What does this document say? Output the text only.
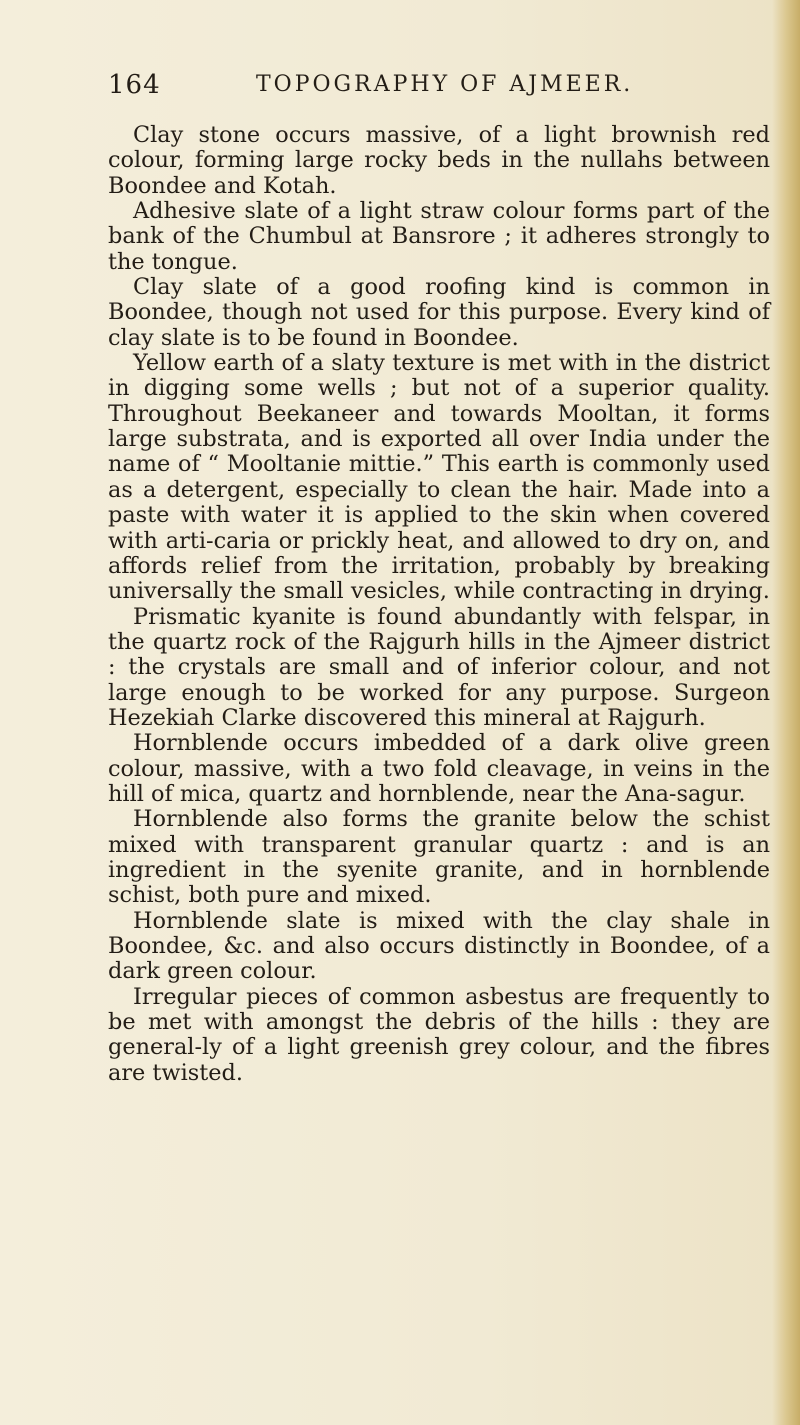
164	TOPOGRAPHY OF AJMEER.

Clay stone occurs massive, of a light brownish red colour, forming large rocky beds in the nullahs between Boondee and Kotah.

Adhesive slate of a light straw colour forms part of the bank of the Chumbul at Bansrore ; it adheres strongly to the tongue.

Clay slate of a good roofing kind is common in Boondee, though not used for this purpose. Every kind of clay slate is to be found in Boondee.

Yellow earth of a slaty texture is met with in the district in digging some wells ; but not of a superior quality. Throughout Beekaneer and towards Mooltan, it forms large substrata, and is exported all over India under the name of “ Mooltanie mittie.” This earth is commonly used as a detergent, especially to clean the hair. Made into a paste with water it is applied to the skin when covered with arti-caria or prickly heat, and allowed to dry on, and affords relief from the irritation, probably by breaking universally the small vesicles, while contracting in drying.

Prismatic kyanite is found abundantly with felspar, in the quartz rock of the Rajgurh hills in the Ajmeer district : the crystals are small and of inferior colour, and not large enough to be worked for any purpose. Surgeon Hezekiah Clarke discovered this mineral at Rajgurh.

Hornblende occurs imbedded of a dark olive green colour, massive, with a two fold cleavage, in veins in the hill of mica, quartz and hornblende, near the Ana-sagur.

Hornblende also forms the granite below the schist mixed with transparent granular quartz : and is an ingredient in the syenite granite, and in hornblende schist, both pure and mixed.

Hornblende slate is mixed with the clay shale in Boondee, &c. and also occurs distinctly in Boondee, of a dark green colour.

Irregular pieces of common asbestus are frequently to be met with amongst the debris of the hills : they are general-ly of a light greenish grey colour, and the fibres are twisted.
